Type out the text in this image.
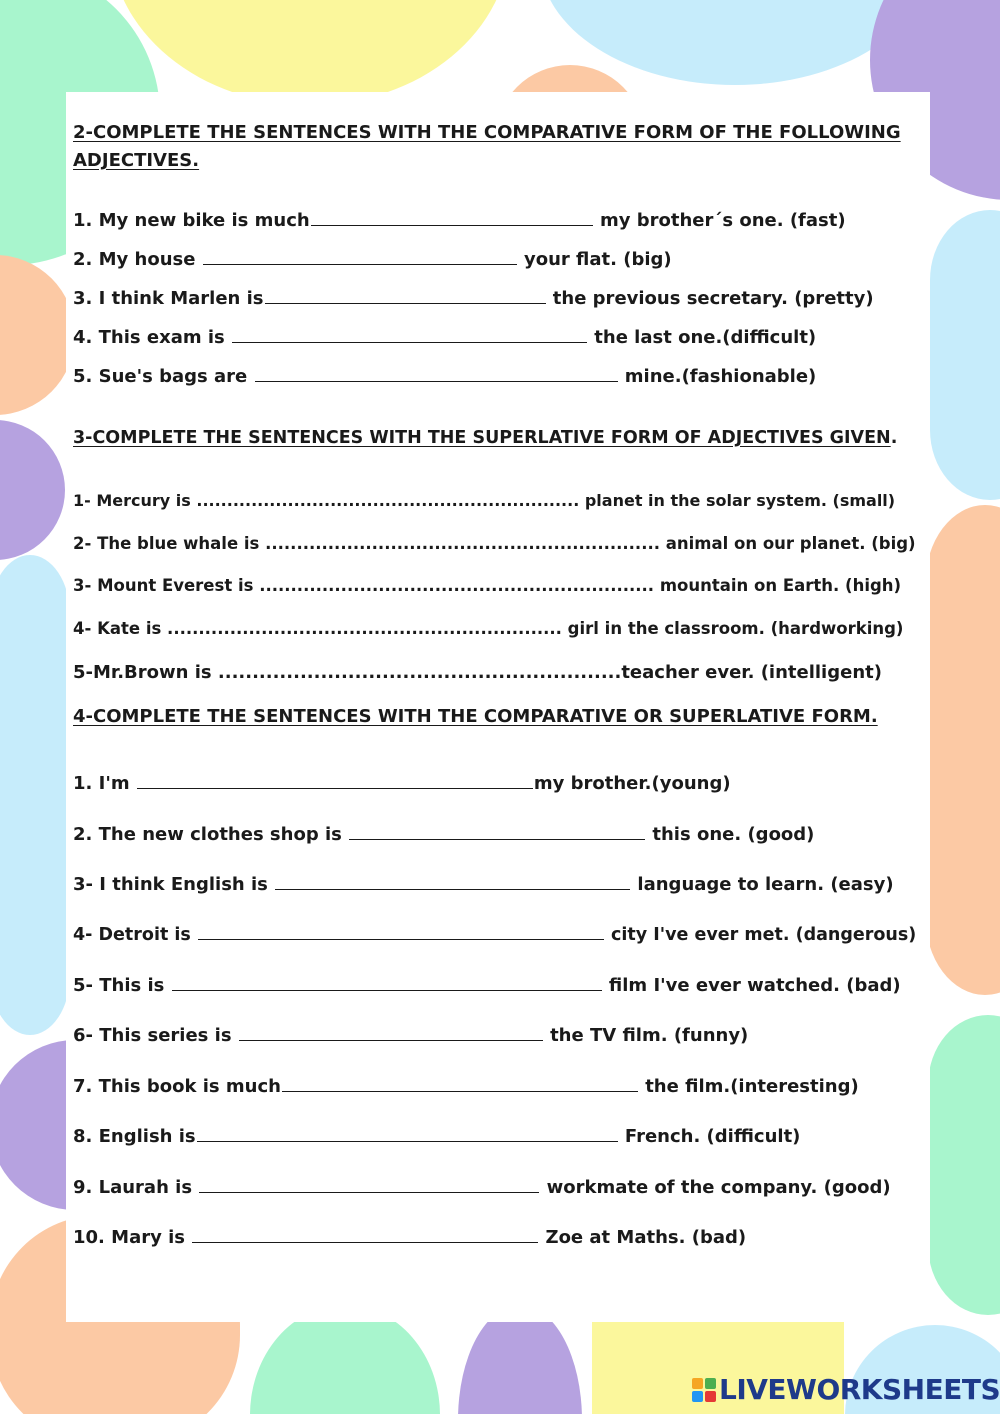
2-COMPLETE THE SENTENCES WITH THE COMPARATIVE FORM OF THE FOLLOWING

ADJECTIVES.

1. My new bike is much	my brother´s one. (fast)

2. My house	your flat. (big)

3. I think Marlen is	the previous secretary. (pretty)

4. This exam is	the last one.(difficult)

5. Sue's bags are	mine.(fashionable)

3-COMPLETE THE SENTENCES WITH THE SUPERLATIVE FORM OF ADJECTIVES GIVEN.

1- Mercury is ............................................................... planet in the solar system. (small)

2- The blue whale is ............................................................... animal on our planet. (big)

3- Mount Everest is ............................................................... mountain on Earth. (high)

4- Kate is ............................................................... girl in the classroom. (hardworking)

5-Mr.Brown is ...........................................................teacher ever. (intelligent)

4-COMPLETE THE SENTENCES WITH THE COMPARATIVE OR SUPERLATIVE FORM.

1. I'm	my brother.(young)

2. The new clothes shop is	this one. (good)

3- I think English is	language to learn. (easy)

4- Detroit is	city I've ever met. (dangerous)

5- This is	film I've ever watched. (bad)

6- This series is	the TV film. (funny)

7. This book is much	the film.(interesting)

8. English is	French. (difficult)

9. Laurah is	workmate of the company. (good)

10. Mary is	Zoe at Maths. (bad)

LIVEWORKSHEETS
